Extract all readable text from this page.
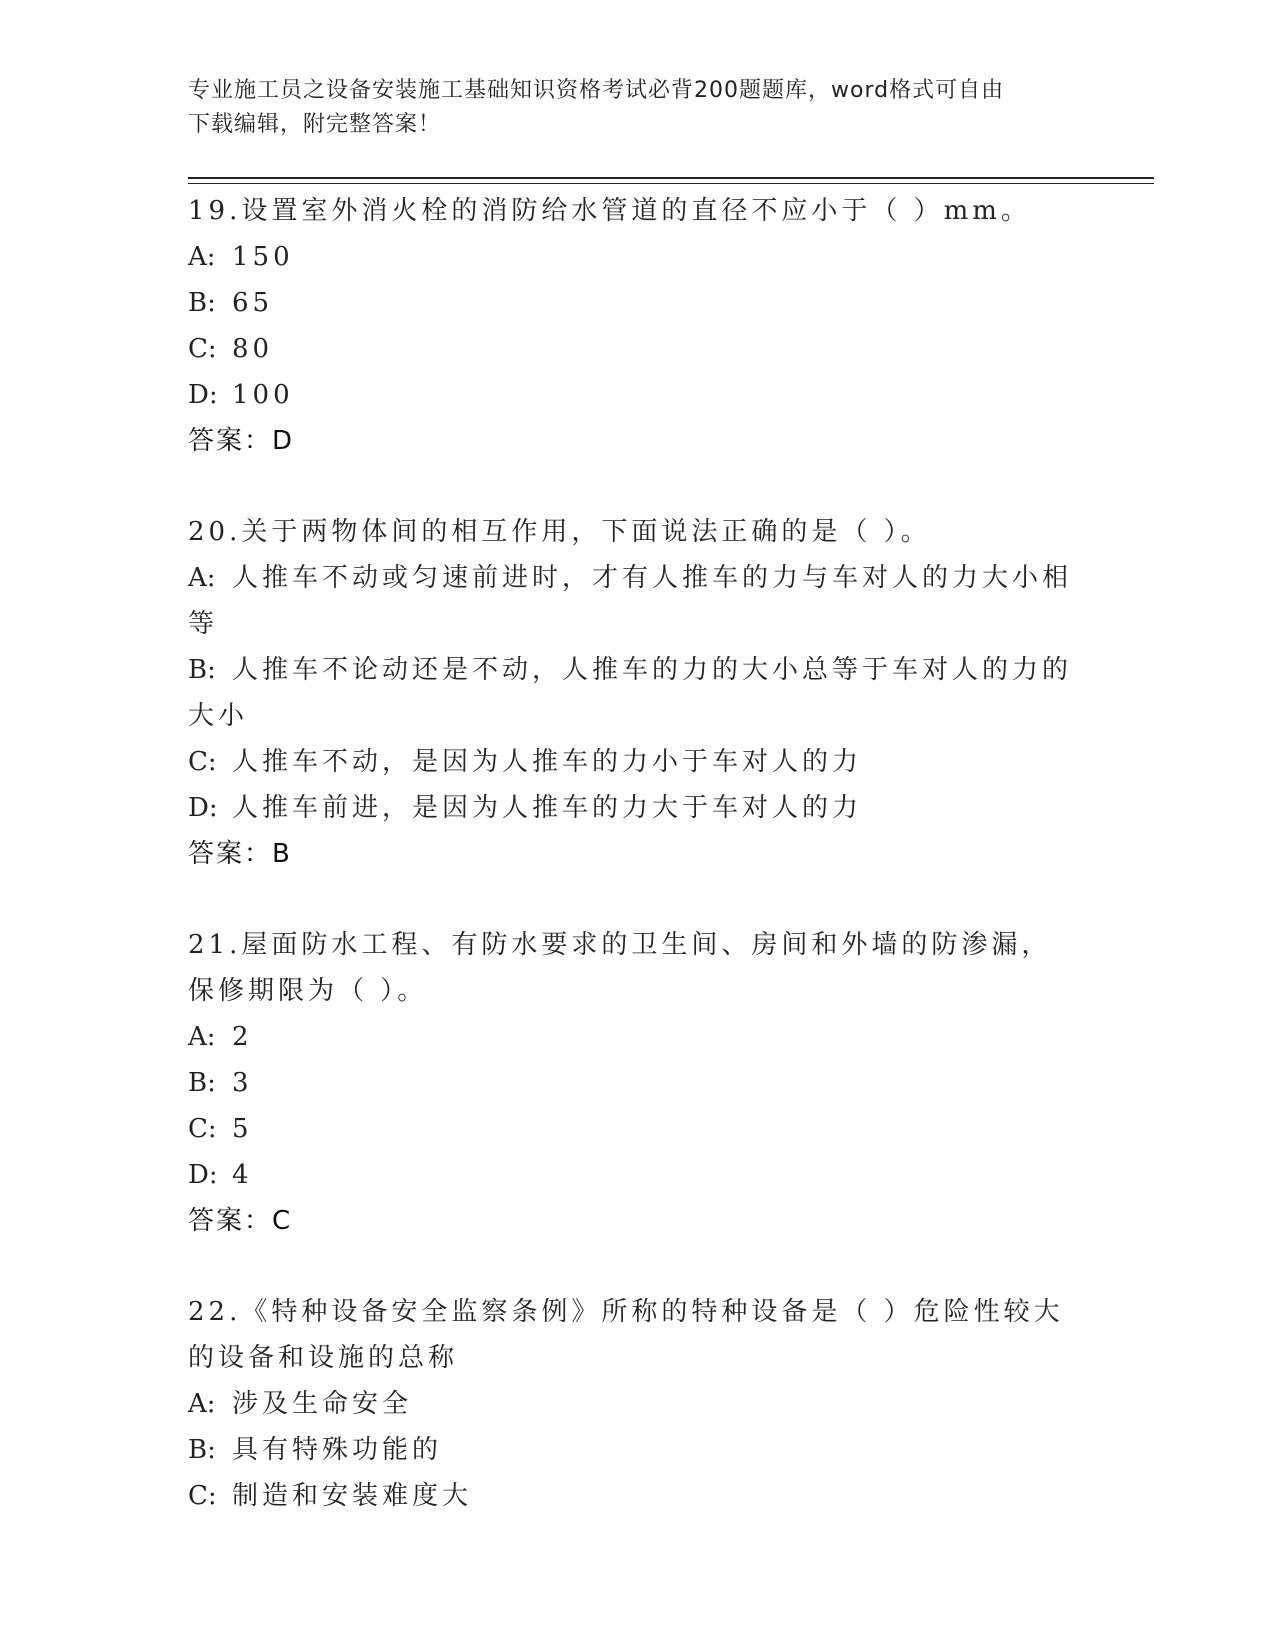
专业施工员之设备安装施工基础知识资格考试必背200题题库，word格式可自由
下载编辑，附完整答案！

19.设置室外消火栓的消防给水管道的直径不应小于（ ）mm。

A: 150

B: 65

C: 80

D: 100

答案：D

20.关于两物体间的相互作用，下面说法正确的是（ ）。

A: 人推车不动或匀速前进时，才有人推车的力与车对人的力大小相等

B: 人推车不论动还是不动，人推车的力的大小总等于车对人的力的大小

C: 人推车不动，是因为人推车的力小于车对人的力

D: 人推车前进，是因为人推车的力大于车对人的力

答案：B

21.屋面防水工程、有防水要求的卫生间、房间和外墙的防渗漏，保修期限为（ ）。

A: 2

B: 3

C: 5

D: 4

答案：C

22.《特种设备安全监察条例》所称的特种设备是（ ）危险性较大的设备和设施的总称

A: 涉及生命安全

B: 具有特殊功能的

C: 制造和安装难度大
